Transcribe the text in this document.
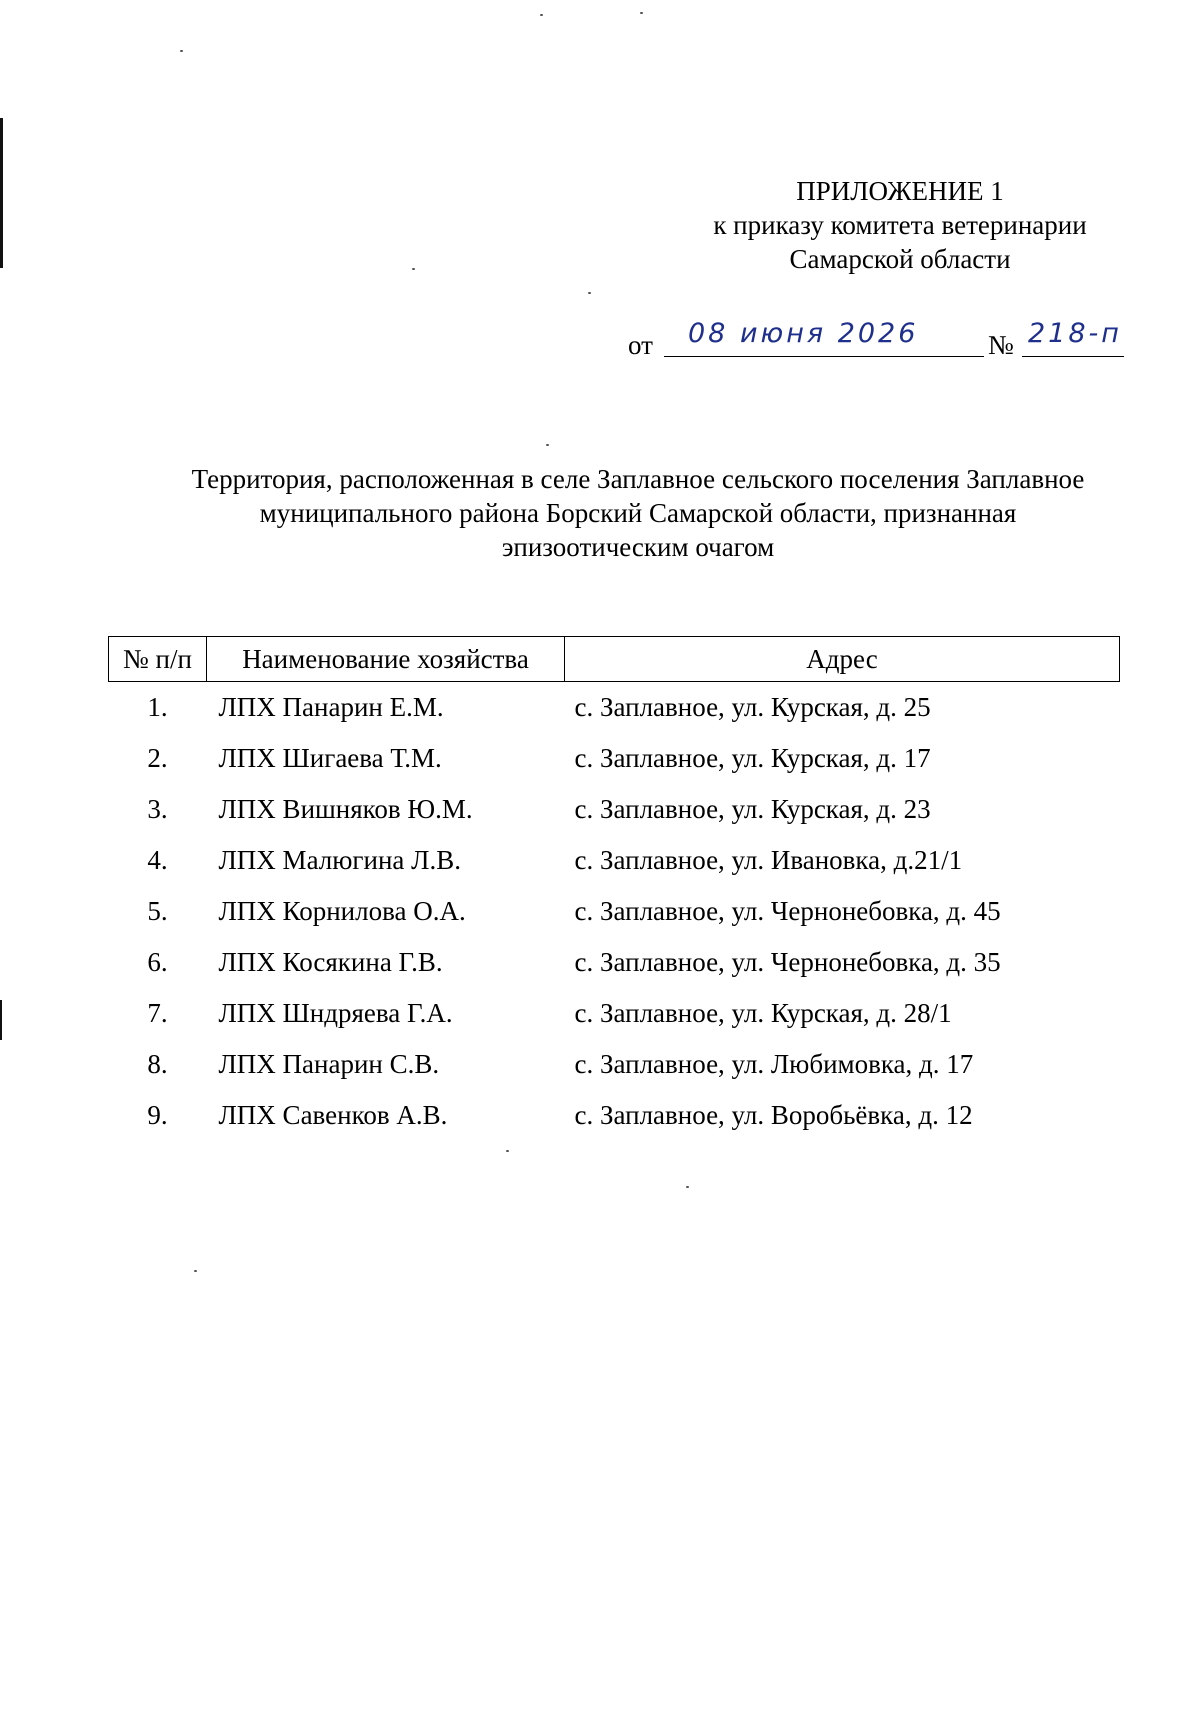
ПРИЛОЖЕНИЕ 1
к приказу комитета ветеринарии
Самарской области
от 08 июня 2026	№ 218-п
Территория, расположенная в селе Заплавное сельского поселения Заплавное
муниципального района Борский Самарской области, признанная
эпизоотическим очагом
№ п/п	Наименование хозяйства	Адрес
1.	ЛПХ Панарин Е.М.	с. Заплавное, ул. Курская, д. 25
2.	ЛПХ Шигаева Т.М.	с. Заплавное, ул. Курская, д. 17
3.	ЛПХ Вишняков Ю.М.	с. Заплавное, ул. Курская, д. 23
4.	ЛПХ Малюгина Л.В.	с. Заплавное, ул. Ивановка, д.21/1
5.	ЛПХ Корнилова О.А.	с. Заплавное, ул. Чернонебовка, д. 45
6.	ЛПХ Косякина Г.В.	с. Заплавное, ул. Чернонебовка, д. 35
7.	ЛПХ Шндряева Г.А.	с. Заплавное, ул. Курская, д. 28/1
8.	ЛПХ Панарин С.В.	с. Заплавное, ул. Любимовка, д. 17
9.	ЛПХ Савенков А.В.	с. Заплавное, ул. Воробьёвка, д. 12
